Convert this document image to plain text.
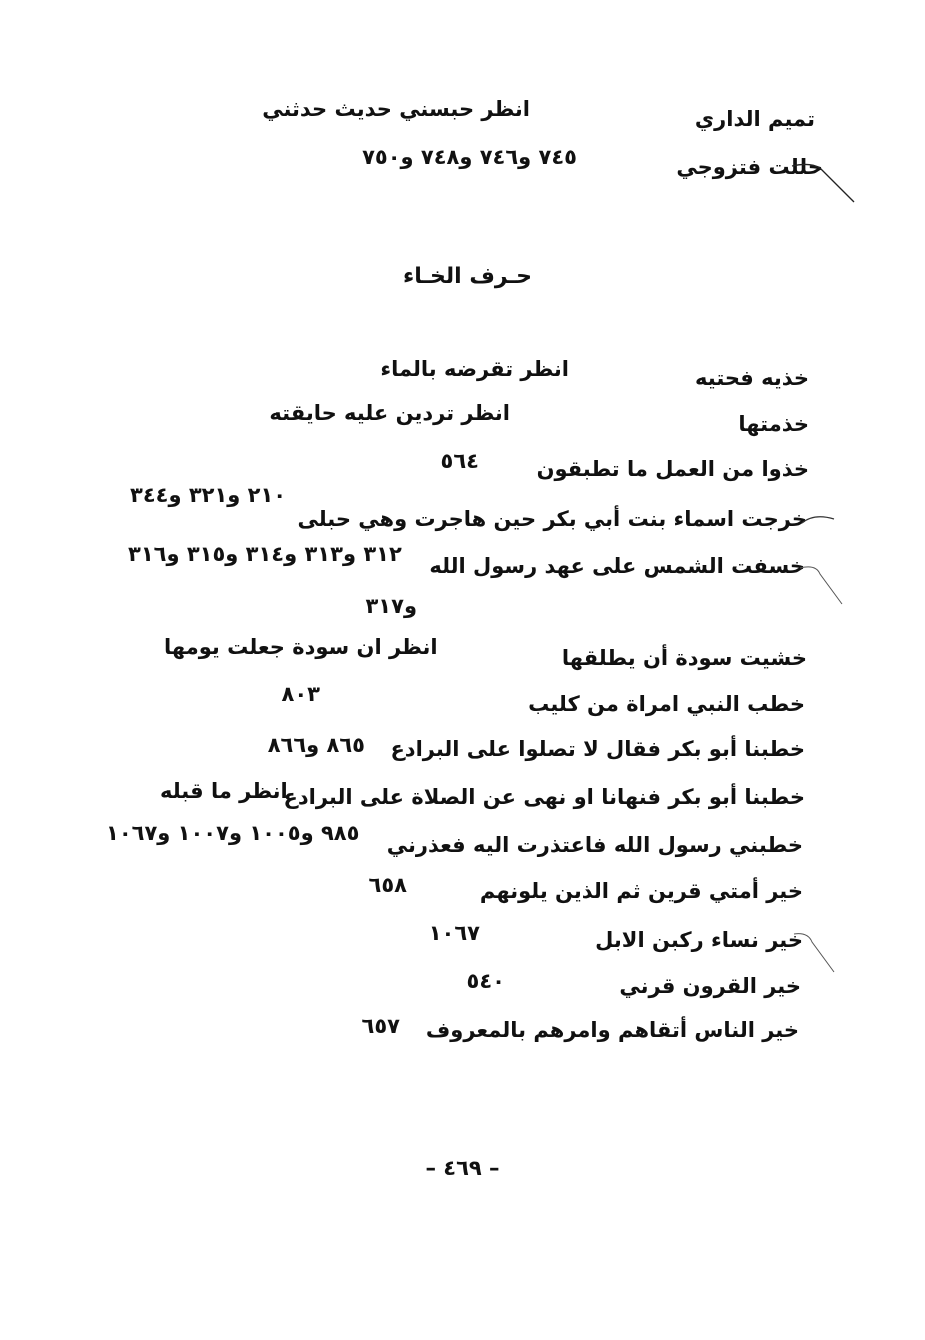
تميم الداري
انظر حبسني حديث حدثني
حللت فتزوجي
٧٤٥ و٧٤٦ و٧٤٨ و٧٥٠
حـرف الخـاء
خذيه فحتيه
انظر تقرضه بالماء
خذمتها
انظر تردين عليه حايقته
خذوا من العمل ما تطبقون
٥٦٤
خرجت اسماء بنت أبي بكر حين هاجرت وهي حبلى
٢١٠ و٣٢١ و٣٤٤
خسفت الشمس على عهد رسول الله
٣١٢ و٣١٣ و٣١٤ و٣١٥ و٣١٦
و٣١٧
خشيت سودة أن يطلقها
انظر ان سودة جعلت يومها
خطب النبي امراة من كليب
٨٠٣
خطبنا أبو بكر فقال لا تصلوا على البرادع
٨٦٥ و٨٦٦
خطبنا أبو بكر فنهانا او نهى عن الصلاة على البرادع
انظر ما قبله
خطبني رسول الله فاعتذرت اليه فعذرني
٩٨٥ و١٠٠٥ و١٠٠٧ و١٠٦٧
خير أمتي قرين ثم الذين يلونهم
٦٥٨
خير نساء ركبن الابل
١٠٦٧
خير القرون قرني
٥٤٠
خير الناس أتقاهم وامرهم بالمعروف
٦٥٧
– ٤٦٩ –
